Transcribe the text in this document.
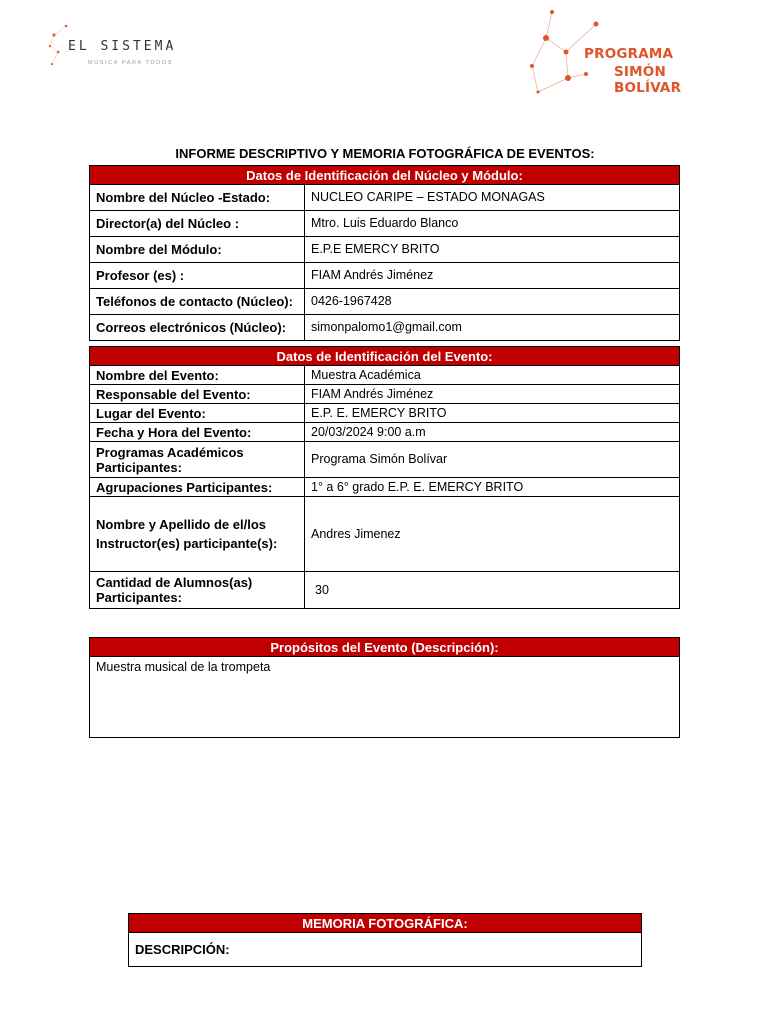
EL SISTEMA
MÚSICA PARA TODOS
PROGRAMA
SIMÓN BOLÍVAR
INFORME DESCRIPTIVO Y MEMORIA FOTOGRÁFICA DE EVENTOS:
Datos de Identificación del Núcleo y Módulo:	
Nombre del Núcleo -Estado:	NUCLEO CARIPE – ESTADO MONAGAS
Director(a) del Núcleo :	Mtro. Luis Eduardo Blanco
Nombre del Módulo:	E.P.E EMERCY BRITO
Profesor (es) :	FIAM Andrés Jiménez
Teléfonos de contacto (Núcleo):	0426-1967428
Correos electrónicos (Núcleo):	simonpalomo1@gmail.com
Datos de Identificación del Evento:	
Nombre del Evento:	Muestra Académica
Responsable del Evento:	FIAM Andrés Jiménez
Lugar del Evento:	E.P. E. EMERCY BRITO
Fecha y Hora del Evento:	20/03/2024 9:00 a.m
Programas Académicos Participantes:	Programa Simón Bolívar
Agrupaciones Participantes:	1° a 6° grado E.P. E. EMERCY BRITO
Nombre y Apellido de el/los Instructor(es) participante(s):	Andres Jimenez
Cantidad de Alumnos(as) Participantes:	30
Propósitos del Evento (Descripción):
Muestra musical de la trompeta
MEMORIA FOTOGRÁFICA:
DESCRIPCIÓN:
